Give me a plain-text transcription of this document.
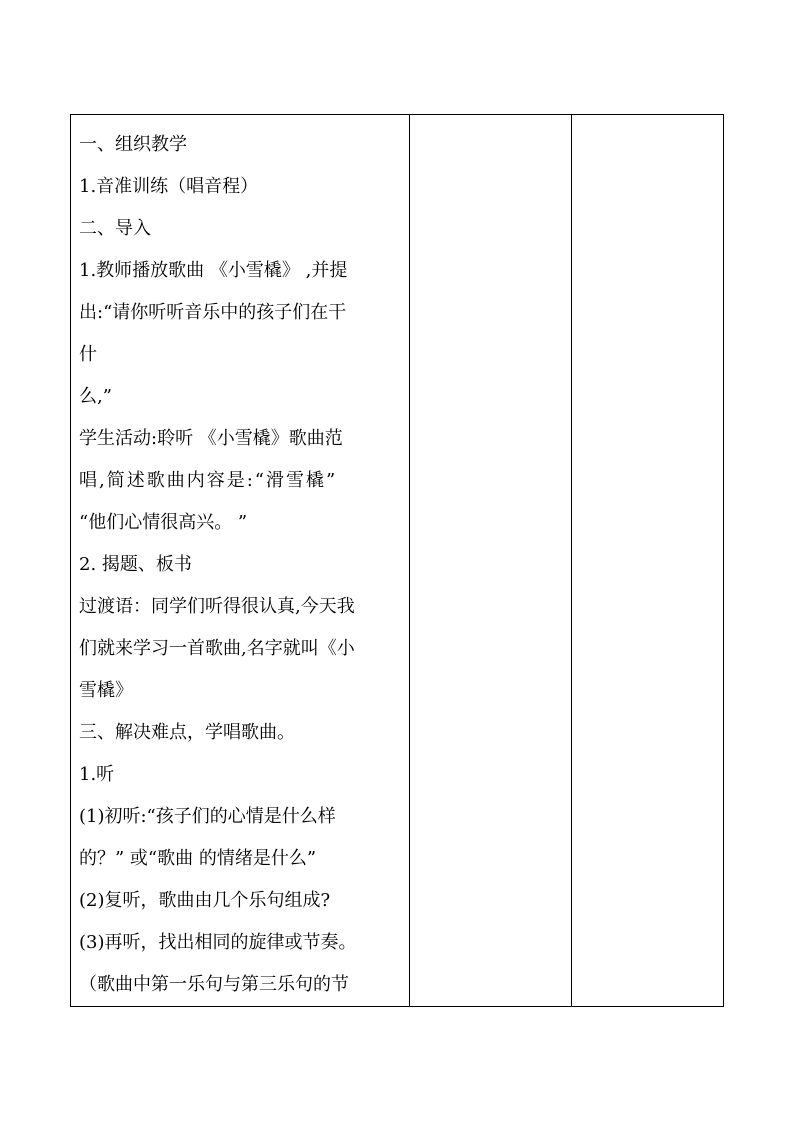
一、组织教学
1.音准训练（唱音程）
二、导入
1.教师播放歌曲 《小雪橇》 ,并提
出:“请你听听音乐中的孩子们在干
什
么,”
学生活动:聆听 《小雪橇》歌曲范
唱,简述歌曲内容是:“滑雪橇”
“他们心情很高兴。 ”
2. 揭题、板书
过渡语：同学们听得很认真,今天我
们就来学习一首歌曲,名字就叫《小
雪橇》
三、解决难点，学唱歌曲。
1.听
(1)初听:“孩子们的心情是什么样
的？” 或“歌曲 的情绪是什么”
(2)复听，歌曲由几个乐句组成?
(3)再听，找出相同的旋律或节奏。
（歌曲中第一乐句与第三乐句的节
